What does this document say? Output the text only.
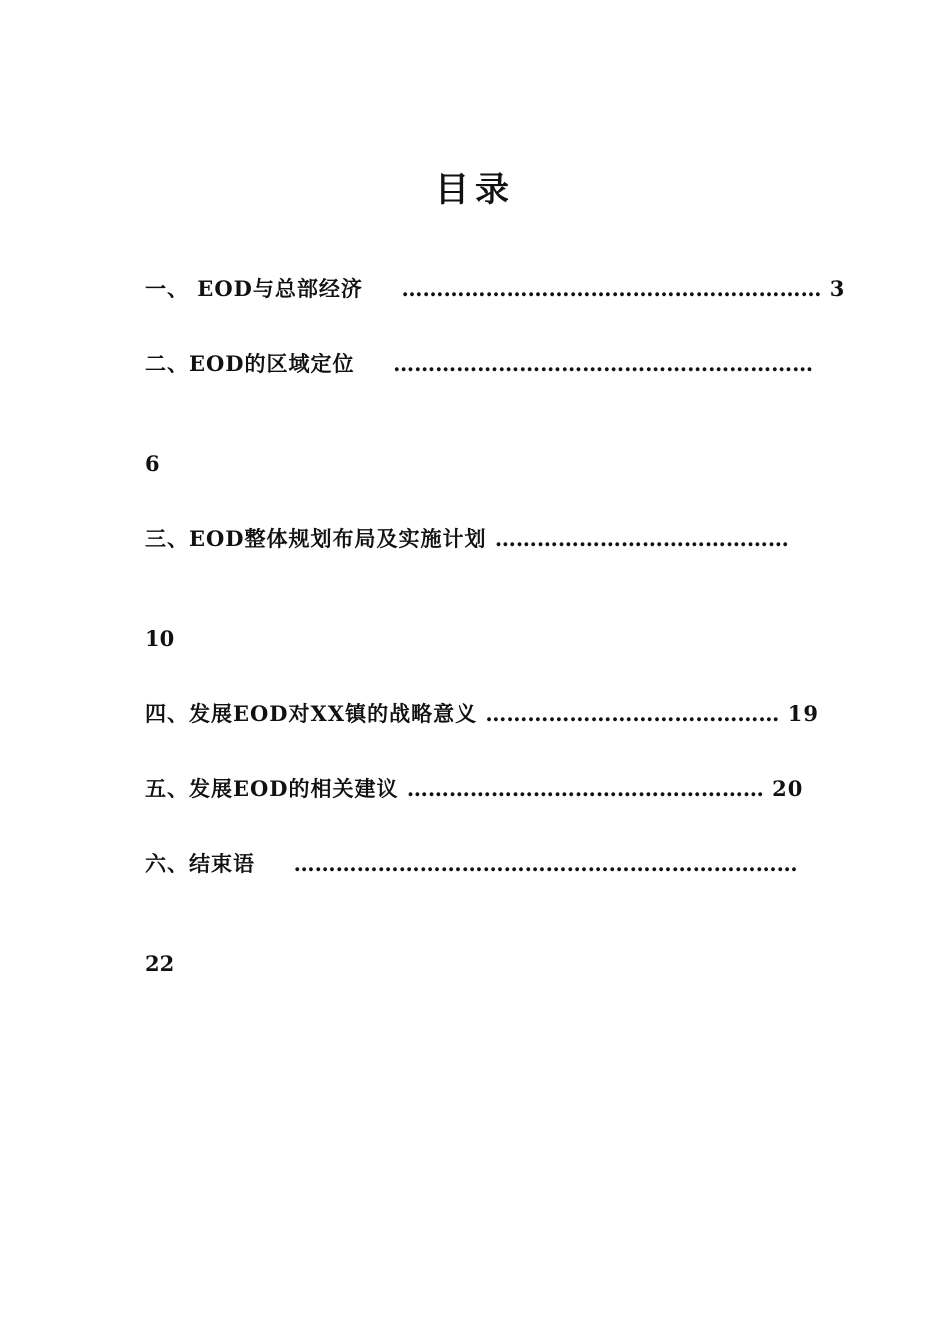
目录
一、 EOD与总部经济 …………………………………………………… 3
二、EOD的区域定位 ……………………………………………………
6
三、EOD整体规划布局及实施计划 ……………………………………
10
四、发展EOD对XX镇的战略意义 …………………………………… 19
五、发展EOD的相关建议 …………………………………………… 20
六、结束语 ………………………………………………………………
22
